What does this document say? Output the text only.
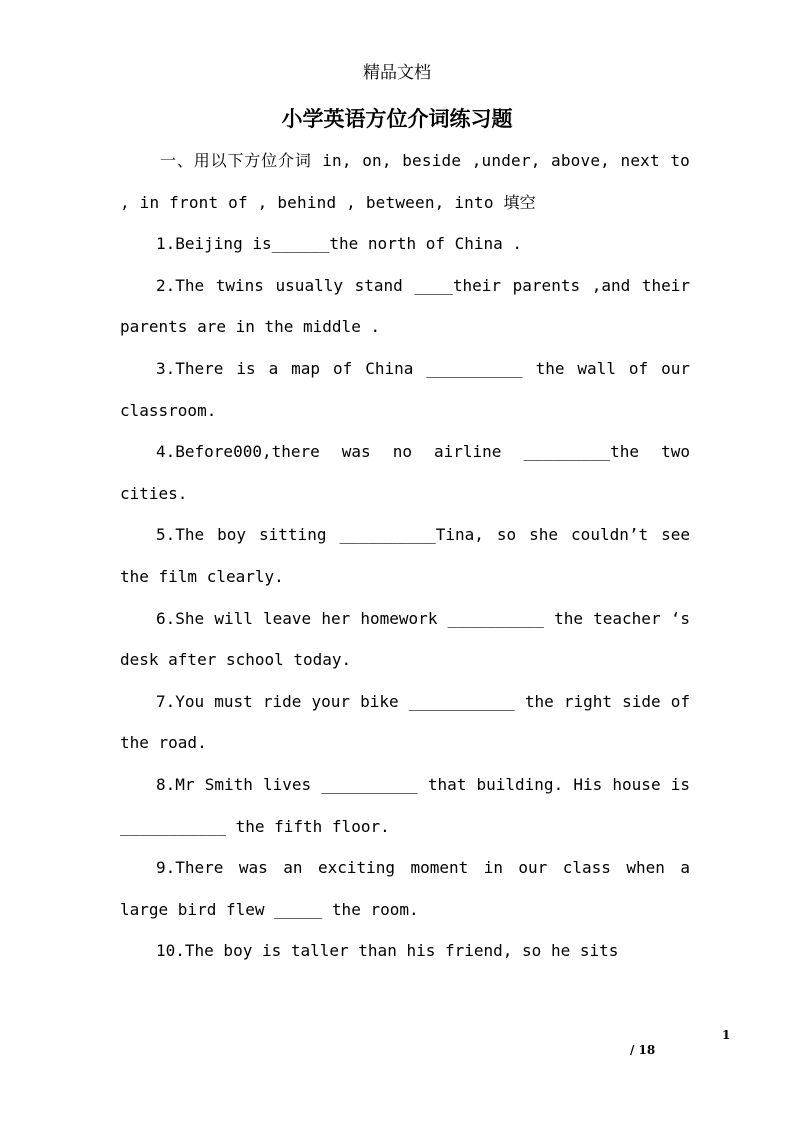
精品文档
小学英语方位介词练习题

一、用以下方位介词 in, on, beside ,under, above, next to , in front of , behind , between, into 填空

1.Beijing is______the north of China .

2.The twins usually stand ____their parents ,and their parents are in the middle .

3.There is a map of China __________ the wall of our classroom.

4.Before000,there was no airline _________the two cities.

5.The boy sitting __________Tina, so she couldn’t see the film clearly.

6.She will leave her homework __________ the teacher ‘s desk after school today.

7.You must ride your bike ___________ the right side of the road.

8.Mr Smith lives __________ that building. His house is ___________ the fifth floor.

9.There was an exciting moment in our class when a large bird flew _____ the room.

10.The boy is taller than his friend, so he sits

1
/ 18
